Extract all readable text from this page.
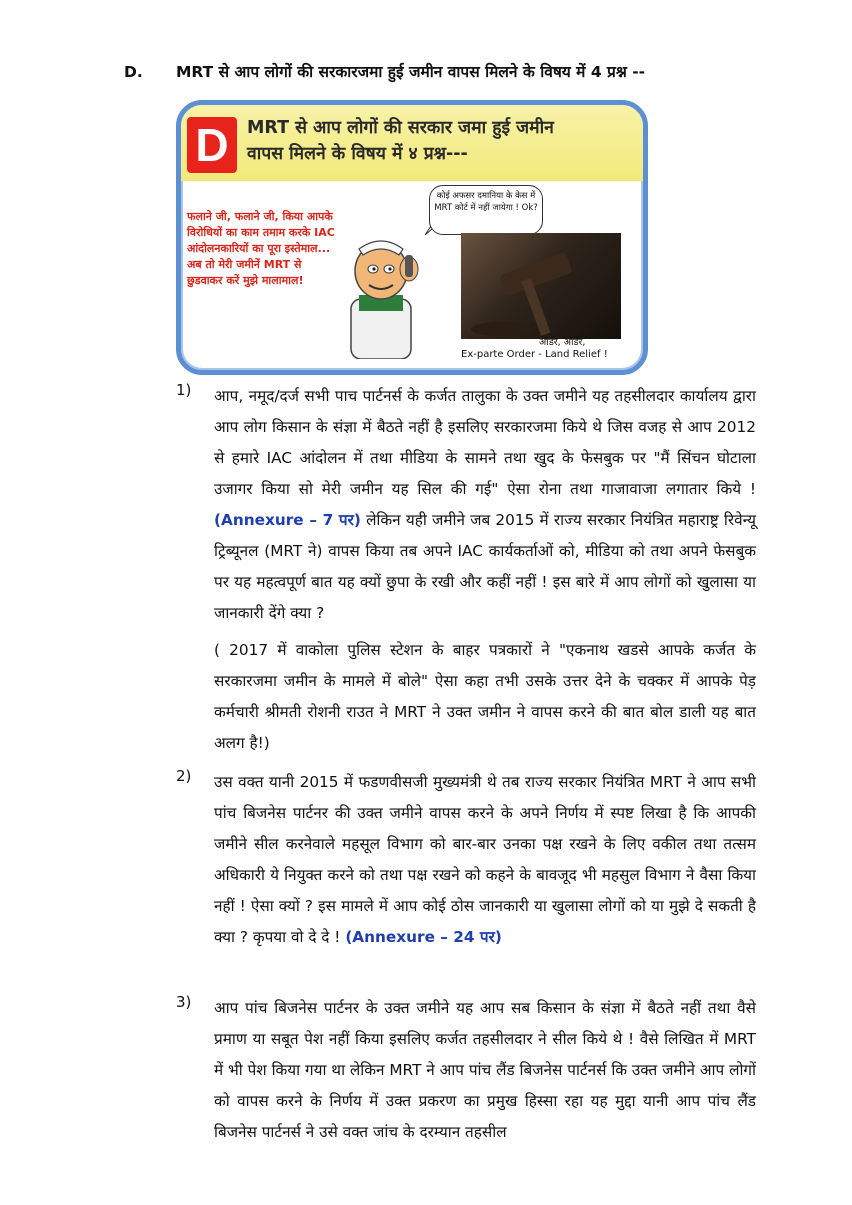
D. MRT से आप लोगों की सरकारजमा हुई जमीन वापस मिलने के विषय में 4 प्रश्न --
D	MRT से आप लोगों की सरकार जमा हुई जमीन
वापस मिलने के विषय में ४ प्रश्न---
फलाने जी, फलाने जी, किया आपके विरोधियों का काम तमाम करके IAC आंदोलनकारियों का पूरा इस्तेमाल... अब तो मेरी जमीनें MRT से छुडवाकर करें मुझे मालामाल!
कोई अफसर दमानिया के केस में MRT कोर्ट में नहीं जायेगा ! Ok?
ऑर्डर, ऑर्डर,
Ex-parte Order - Land Relief !
1)	आप, नमूद/दर्ज सभी पाच पार्टनर्स के कर्जत तालुका के उक्त जमीने यह तहसीलदार कार्यालय द्वारा आप लोग किसान के संज्ञा में बैठते नहीं है इसलिए सरकारजमा किये थे जिस वजह से आप 2012 से हमारे IAC आंदोलन में तथा मीडिया के सामने तथा खुद के फेसबुक पर "मैं सिंचन घोटाला उजागर किया सो मेरी जमीन यह सिल की गई" ऐसा रोना तथा गाजावाजा लगातार किये ! (Annexure – 7 पर) लेकिन यही जमीने जब 2015 में राज्य सरकार नियंत्रित महाराष्ट्र रिवेन्यू ट्रिब्यूनल (MRT ने) वापस किया तब अपने IAC कार्यकर्ताओं को, मीडिया को तथा अपने फेसबुक पर यह महत्वपूर्ण बात यह क्यों छुपा के रखी और कहीं नहीं ! इस बारे में आप लोगों को खुलासा या जानकारी देंगे क्या ?
( 2017 में वाकोला पुलिस स्टेशन के बाहर पत्रकारों ने "एकनाथ खडसे आपके कर्जत के सरकारजमा जमीन के मामले में बोले" ऐसा कहा तभी उसके उत्तर देने के चक्कर में आपके पेड़ कर्मचारी श्रीमती रोशनी राउत ने MRT ने उक्त जमीन ने वापस करने की बात बोल डाली यह बात अलग है!)
2)	उस वक्त यानी 2015 में फडणवीसजी मुख्यमंत्री थे तब राज्य सरकार नियंत्रित MRT ने आप सभी पांच बिजनेस पार्टनर की उक्त जमीने वापस करने के अपने निर्णय में स्पष्ट लिखा है कि आपकी जमीने सील करनेवाले महसूल विभाग को बार-बार उनका पक्ष रखने के लिए वकील तथा तत्सम अधिकारी ये नियुक्त करने को तथा पक्ष रखने को कहने के बावजूद भी महसुल विभाग ने वैसा किया नहीं ! ऐसा क्यों ? इस मामले में आप कोई ठोस जानकारी या खुलासा लोगों को या मुझे दे सकती है क्या ? कृपया वो दे दे ! (Annexure – 24 पर)
3)	आप पांच बिजनेस पार्टनर के उक्त जमीने यह आप सब किसान के संज्ञा में बैठते नहीं तथा वैसे प्रमाण या सबूत पेश नहीं किया इसलिए कर्जत तहसीलदार ने सील किये थे ! वैसे लिखित में MRT में भी पेश किया गया था लेकिन MRT ने आप पांच लैंड बिजनेस पार्टनर्स कि उक्त जमीने आप लोगों को वापस करने के निर्णय में उक्त प्रकरण का प्रमुख हिस्सा रहा यह मुद्दा यानी आप पांच लैंड बिजनेस पार्टनर्स ने उसे वक्त जांच के दरम्यान तहसील
